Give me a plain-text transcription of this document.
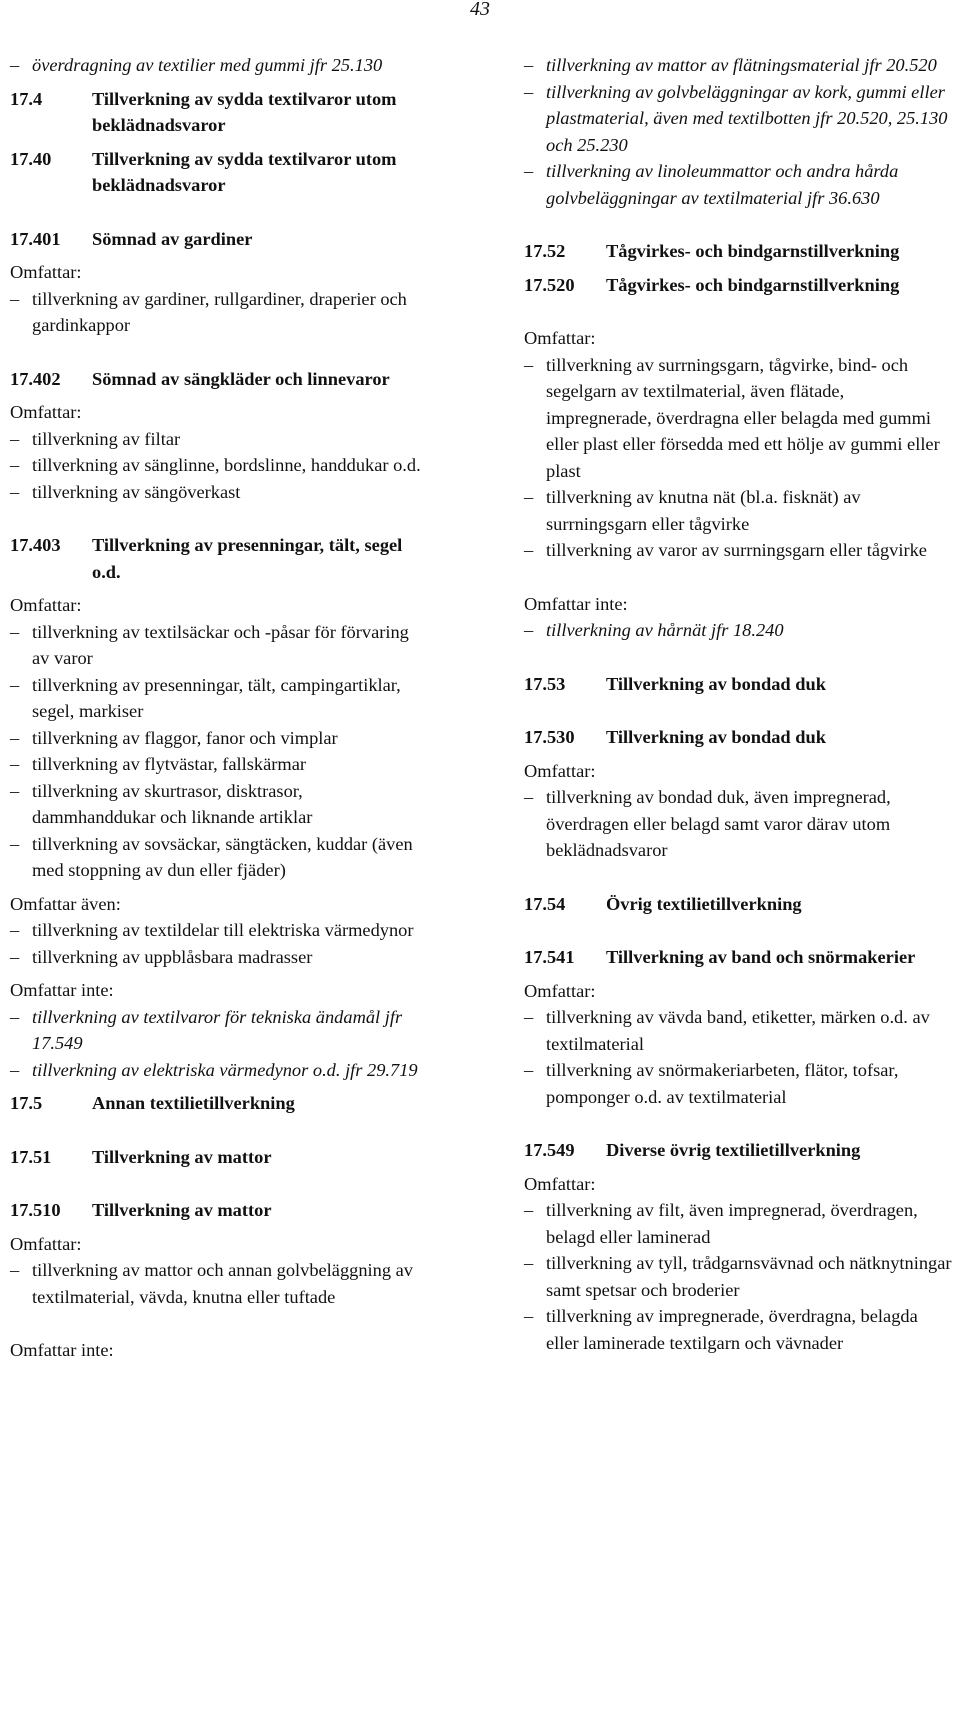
43
– överdragning av textilier med gummi jfr 25.130
17.4	Tillverkning av sydda textilvaror utom beklädnadsvaror
17.40	Tillverkning av sydda textilvaror utom beklädnadsvaror
17.401	Sömnad av gardiner
Omfattar:
– tillverkning av gardiner, rullgardiner, draperier och gardinkappor
17.402	Sömnad av sängkläder och linnevaror
Omfattar:
– tillverkning av filtar
– tillverkning av sänglinne, bordslinne, handdukar o.d.
– tillverkning av sängöverkast
17.403	Tillverkning av presenningar, tält, segel o.d.
Omfattar:
– tillverkning av textilsäckar och -påsar för förvaring av varor
– tillverkning av presenningar, tält, campingartiklar, segel, markiser
– tillverkning av flaggor, fanor och vimplar
– tillverkning av flytvästar, fallskärmar
– tillverkning av skurtrasor, disktrasor, dammhanddukar och liknande artiklar
– tillverkning av sovsäckar, sängtäcken, kuddar (även med stoppning av dun eller fjäder)
Omfattar även:
– tillverkning av textildelar till elektriska värmedynor
– tillverkning av uppblåsbara madrasser
Omfattar inte:
– tillverkning av textilvaror för tekniska ändamål jfr 17.549
– tillverkning av elektriska värmedynor o.d. jfr 29.719
17.5	Annan textilietillverkning
17.51	Tillverkning av mattor
17.510	Tillverkning av mattor
Omfattar:
– tillverkning av mattor och annan golvbeläggning av textilmaterial, vävda, knutna eller tuftade
Omfattar inte:
– tillverkning av mattor av flätningsmaterial jfr 20.520
– tillverkning av golvbeläggningar av kork, gummi eller plastmaterial, även med textilbotten jfr 20.520, 25.130 och 25.230
– tillverkning av linoleummattor och andra hårda golvbeläggningar av textilmaterial jfr 36.630
17.52	Tågvirkes- och bindgarnstillverkning
17.520	Tågvirkes- och bindgarnstillverkning
Omfattar:
– tillverkning av surrningsgarn, tågvirke, bind- och segelgarn av textilmaterial, även flätade, impregnerade, överdragna eller belagda med gummi eller plast eller försedda med ett hölje av gummi eller plast
– tillverkning av knutna nät (bl.a. fisknät) av surrningsgarn eller tågvirke
– tillverkning av varor av surrningsgarn eller tågvirke
Omfattar inte:
– tillverkning av hårnät jfr 18.240
17.53	Tillverkning av bondad duk
17.530	Tillverkning av bondad duk
Omfattar:
– tillverkning av bondad duk, även impregnerad, överdragen eller belagd samt varor därav utom beklädnadsvaror
17.54	Övrig textilietillverkning
17.541	Tillverkning av band och snörmakerier
Omfattar:
– tillverkning av vävda band, etiketter, märken o.d. av textilmaterial
– tillverkning av snörmakeriarbeten, flätor, tofsar, pomponger o.d. av textilmaterial
17.549	Diverse övrig textilietillverkning
Omfattar:
– tillverkning av filt, även impregnerad, överdragen, belagd eller laminerad
– tillverkning av tyll, trådgarnsvävnad och nätknytningar samt spetsar och broderier
– tillverkning av impregnerade, överdragna, belagda eller laminerade textilgarn och vävnader
